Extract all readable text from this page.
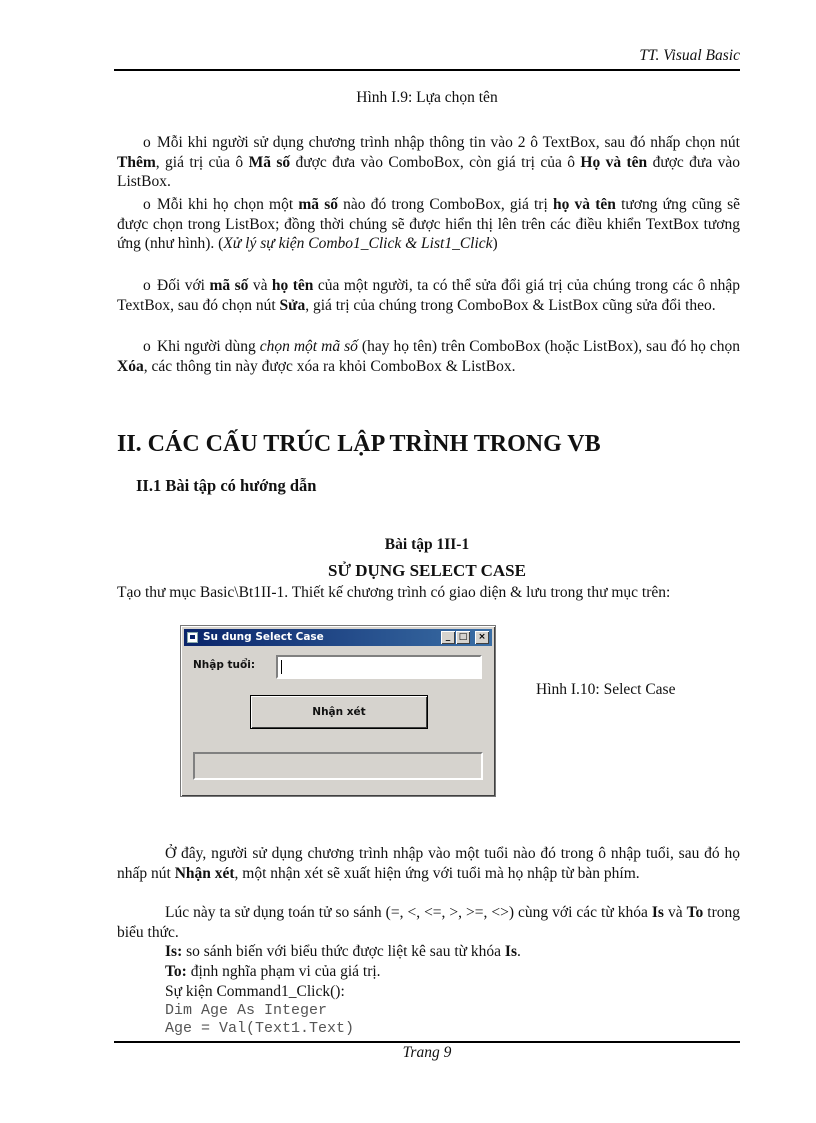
TT. Visual Basic
Hình I.9: Lựa chọn tên
o Mỗi khi người sử dụng chương trình nhập thông tin vào 2 ô TextBox, sau đó nhấp chọn nút Thêm, giá trị của ô Mã số được đưa vào ComboBox, còn giá trị của ô Họ và tên được đưa vào ListBox.
o Mỗi khi họ chọn một mã số nào đó trong ComboBox, giá trị họ và tên tương ứng cũng sẽ được chọn trong ListBox; đồng thời chúng sẽ được hiển thị lên trên các điều khiển TextBox tương ứng (như hình). (Xử lý sự kiện Combo1_Click & List1_Click)
o Đối với mã số và họ tên của một người, ta có thể sửa đổi giá trị của chúng trong các ô nhập TextBox, sau đó chọn nút Sửa, giá trị của chúng trong ComboBox & ListBox cũng sửa đổi theo.
o Khi người dùng chọn một mã số (hay họ tên) trên ComboBox (hoặc ListBox), sau đó họ chọn Xóa, các thông tin này được xóa ra khỏi ComboBox & ListBox.
II. CÁC CẤU TRÚC LẬP TRÌNH TRONG VB
II.1 Bài tập có hướng dẫn
Bài tập 1II-1
SỬ DỤNG SELECT CASE
Tạo thư mục Basic\Bt1II-1. Thiết kế chương trình có giao diện & lưu trong thư mục trên:
Su dung Select Case	_ □	×
Nhập tuổi:
Nhận xét
Hình I.10: Select Case
Ở đây, người sử dụng chương trình nhập vào một tuổi nào đó trong ô nhập tuổi, sau đó họ nhấp nút Nhận xét, một nhận xét sẽ xuất hiện ứng với tuổi mà họ nhập từ bàn phím.
Lúc này ta sử dụng toán tử so sánh (=, <, <=, >, >=, <>) cùng với các từ khóa Is và To trong biểu thức.
Is: so sánh biến với biểu thức được liệt kê sau từ khóa Is.
To: định nghĩa phạm vi của giá trị.
Sự kiện Command1_Click():
Dim Age As Integer
Age = Val(Text1.Text)
Trang 9
